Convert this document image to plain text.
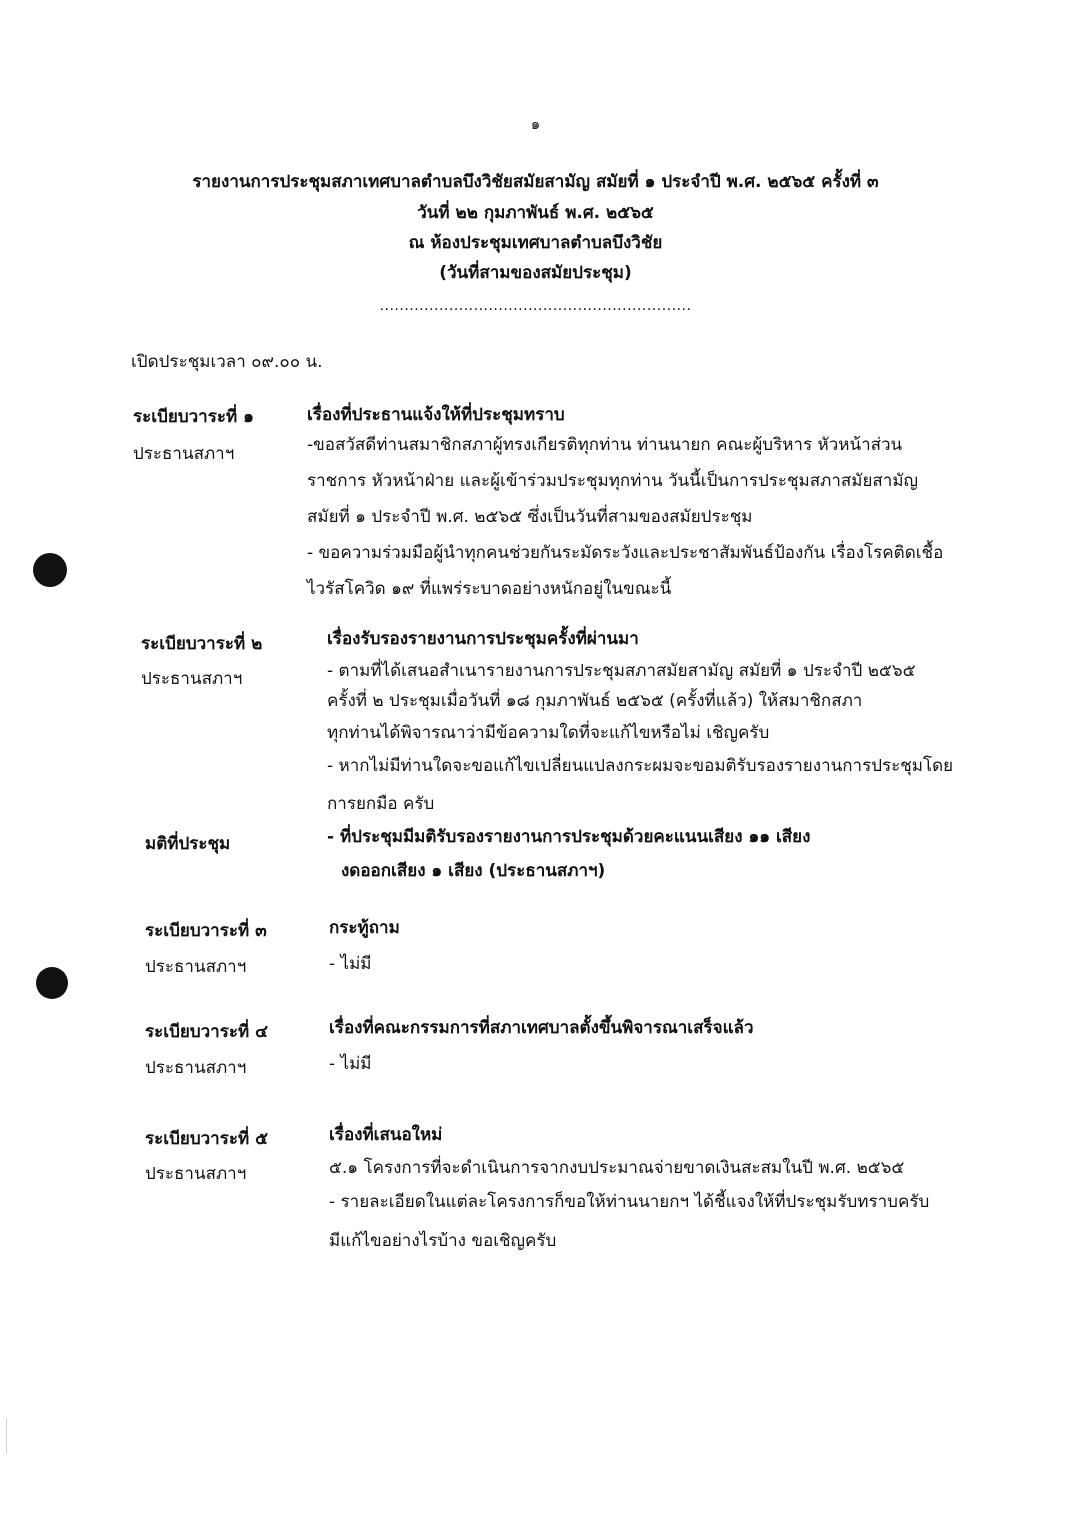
๑
รายงานการประชุมสภาเทศบาลตำบลบึงวิชัยสมัยสามัญ สมัยที่ ๑ ประจำปี พ.ศ. ๒๕๖๕ ครั้งที่ ๓
วันที่ ๒๒ กุมภาพันธ์ พ.ศ. ๒๕๖๕
ณ ห้องประชุมเทศบาลตำบลบึงวิชัย
(วันที่สามของสมัยประชุม)
...............................................................
เปิดประชุมเวลา ๐๙.๐๐ น.
ระเบียบวาระที่ ๑
ประธานสภาฯ
เรื่องที่ประธานแจ้งให้ที่ประชุมทราบ
-ขอสวัสดีท่านสมาชิกสภาผู้ทรงเกียรติทุกท่าน ท่านนายก คณะผู้บริหาร หัวหน้าส่วน
ราชการ หัวหน้าฝ่าย และผู้เข้าร่วมประชุมทุกท่าน วันนี้เป็นการประชุมสภาสมัยสามัญ
สมัยที่ ๑ ประจำปี พ.ศ. ๒๕๖๕ ซึ่งเป็นวันที่สามของสมัยประชุม
- ขอความร่วมมือผู้นำทุกคนช่วยกันระมัดระวังและประชาสัมพันธ์ป้องกัน เรื่องโรคติดเชื้อ
ไวรัสโควิด ๑๙ ที่แพร่ระบาดอย่างหนักอยู่ในขณะนี้
ระเบียบวาระที่ ๒
ประธานสภาฯ
เรื่องรับรองรายงานการประชุมครั้งที่ผ่านมา
- ตามที่ได้เสนอสำเนารายงานการประชุมสภาสมัยสามัญ สมัยที่ ๑ ประจำปี ๒๕๖๕
ครั้งที่ ๒ ประชุมเมื่อวันที่ ๑๘ กุมภาพันธ์ ๒๕๖๕ (ครั้งที่แล้ว) ให้สมาชิกสภา
ทุกท่านได้พิจารณาว่ามีข้อความใดที่จะแก้ไขหรือไม่ เชิญครับ
- หากไม่มีท่านใดจะขอแก้ไขเปลี่ยนแปลงกระผมจะขอมติรับรองรายงานการประชุมโดย
การยกมือ ครับ
มติที่ประชุม	- ที่ประชุมมีมติรับรองรายงานการประชุมด้วยคะแนนเสียง ๑๑ เสียง
งดออกเสียง ๑ เสียง (ประธานสภาฯ)
ระเบียบวาระที่ ๓
ประธานสภาฯ
กระทู้ถาม
- ไม่มี
ระเบียบวาระที่ ๔
ประธานสภาฯ
เรื่องที่คณะกรรมการที่สภาเทศบาลตั้งขึ้นพิจารณาเสร็จแล้ว
- ไม่มี
ระเบียบวาระที่ ๕
ประธานสภาฯ
เรื่องที่เสนอใหม่
๕.๑ โครงการที่จะดำเนินการจากงบประมาณจ่ายขาดเงินสะสมในปี พ.ศ. ๒๕๖๕
- รายละเอียดในแต่ละโครงการก็ขอให้ท่านนายกฯ ได้ชี้แจงให้ที่ประชุมรับทราบครับ
มีแก้ไขอย่างไรบ้าง ขอเชิญครับ
